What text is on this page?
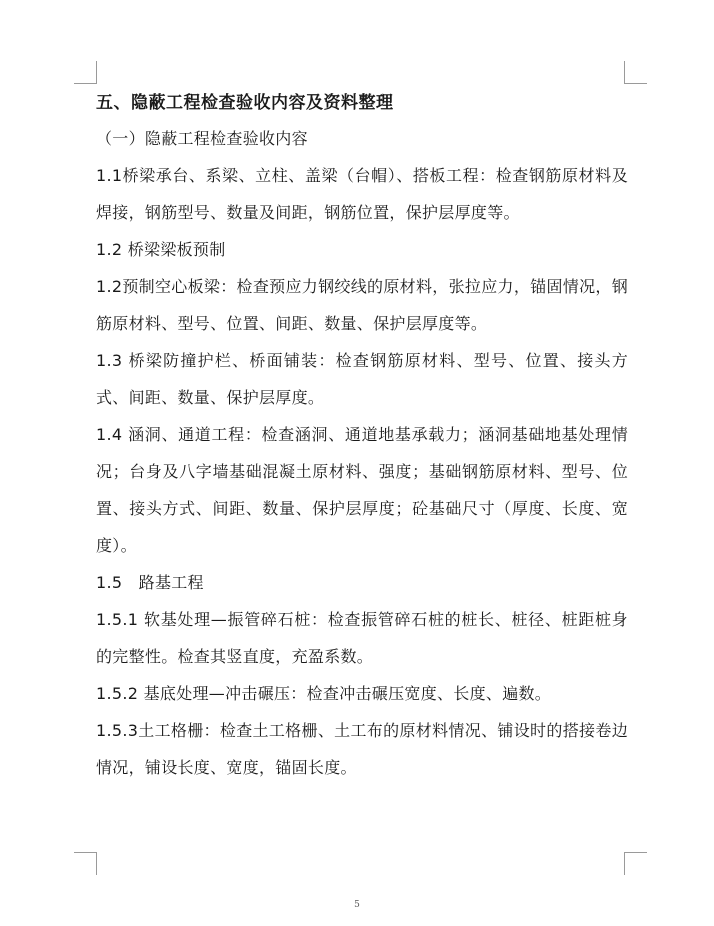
五、隐蔽工程检查验收内容及资料整理

（一）隐蔽工程检查验收内容

1.1桥梁承台、系梁、立柱、盖梁（台帽）、搭板工程：检查钢筋原材料及焊接，钢筋型号、数量及间距，钢筋位置，保护层厚度等。

1.2 桥梁梁板预制

1.2预制空心板梁：检查预应力钢绞线的原材料，张拉应力，锚固情况，钢筋原材料、型号、位置、间距、数量、保护层厚度等。

1.3 桥梁防撞护栏、桥面铺装：检查钢筋原材料、型号、位置、接头方式、间距、数量、保护层厚度。

1.4 涵洞、通道工程：检查涵洞、通道地基承载力；涵洞基础地基处理情况；台身及八字墙基础混凝土原材料、强度；基础钢筋原材料、型号、位置、接头方式、间距、数量、保护层厚度；砼基础尺寸（厚度、长度、宽度）。

1.5　路基工程

1.5.1 软基处理—振管碎石桩：检查振管碎石桩的桩长、桩径、桩距桩身的完整性。检查其竖直度，充盈系数。

1.5.2 基底处理—冲击碾压：检查冲击碾压宽度、长度、遍数。

1.5.3土工格栅：检查土工格栅、土工布的原材料情况、铺设时的搭接卷边情况，铺设长度、宽度，锚固长度。

5
